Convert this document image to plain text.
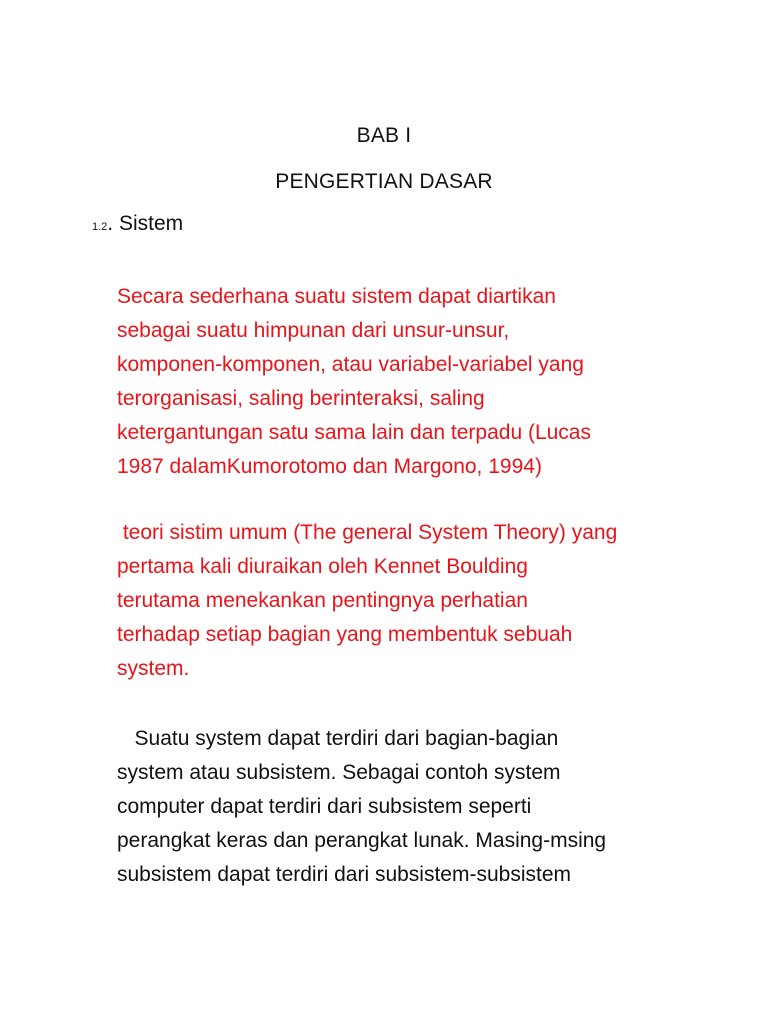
BAB I
PENGERTIAN DASAR
1.2. Sistem

Secara sederhana suatu sistem dapat diartikan
sebagai suatu himpunan dari unsur-unsur,
komponen-komponen, atau variabel-variabel yang
terorganisasi, saling berinteraksi, saling
ketergantungan satu sama lain dan terpadu (Lucas
1987 dalamKumorotomo dan Margono, 1994)

teori sistim umum (The general System Theory) yang
pertama kali diuraikan oleh Kennet Boulding
terutama menekankan pentingnya perhatian
terhadap setiap bagian yang membentuk sebuah
system.

Suatu system dapat terdiri dari bagian-bagian
system atau subsistem. Sebagai contoh system
computer dapat terdiri dari subsistem seperti
perangkat keras dan perangkat lunak. Masing-msing
subsistem dapat terdiri dari subsistem-subsistem
